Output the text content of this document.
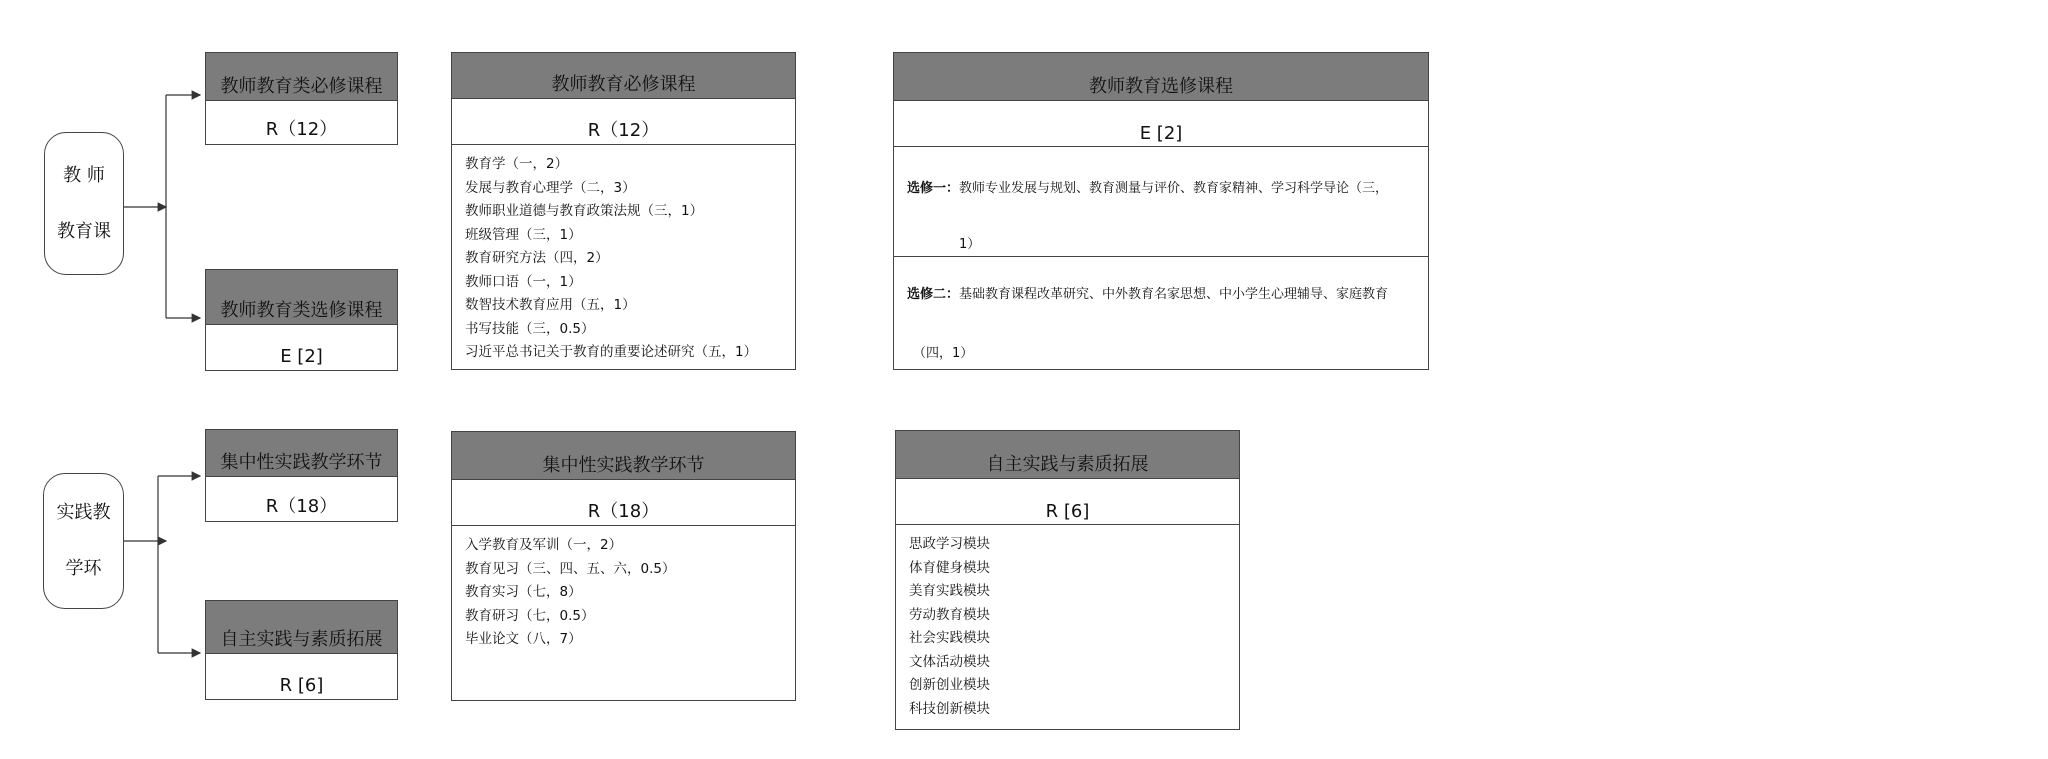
教 师
教育课
教师教育类必修课程
R（12）
教师教育类选修课程
E [2]
教师教育必修课程
R（12）
教育学（一，2）
发展与教育心理学（二，3）
教师职业道德与教育政策法规（三，1）
班级管理（三，1）
教育研究方法（四，2）
教师口语（一，1）
数智技术教育应用（五，1）
书写技能（三，0.5）
习近平总书记关于教育的重要论述研究（五，1）
教师教育选修课程
E [2]
选修一：教师专业发展与规划、教育测量与评价、教育家精神、学习科学导论（三，
1）
选修二：基础教育课程改革研究、中外教育名家思想、中小学生心理辅导、家庭教育
（四，1）
实践教
学环
集中性实践教学环节
R（18）
自主实践与素质拓展
R [6]
集中性实践教学环节
R（18）
入学教育及军训（一，2）
教育见习（三、四、五、六，0.5）
教育实习（七，8）
教育研习（七，0.5）
毕业论文（八，7）
自主实践与素质拓展
R [6]
思政学习模块
体育健身模块
美育实践模块
劳动教育模块
社会实践模块
文体活动模块
创新创业模块
科技创新模块
